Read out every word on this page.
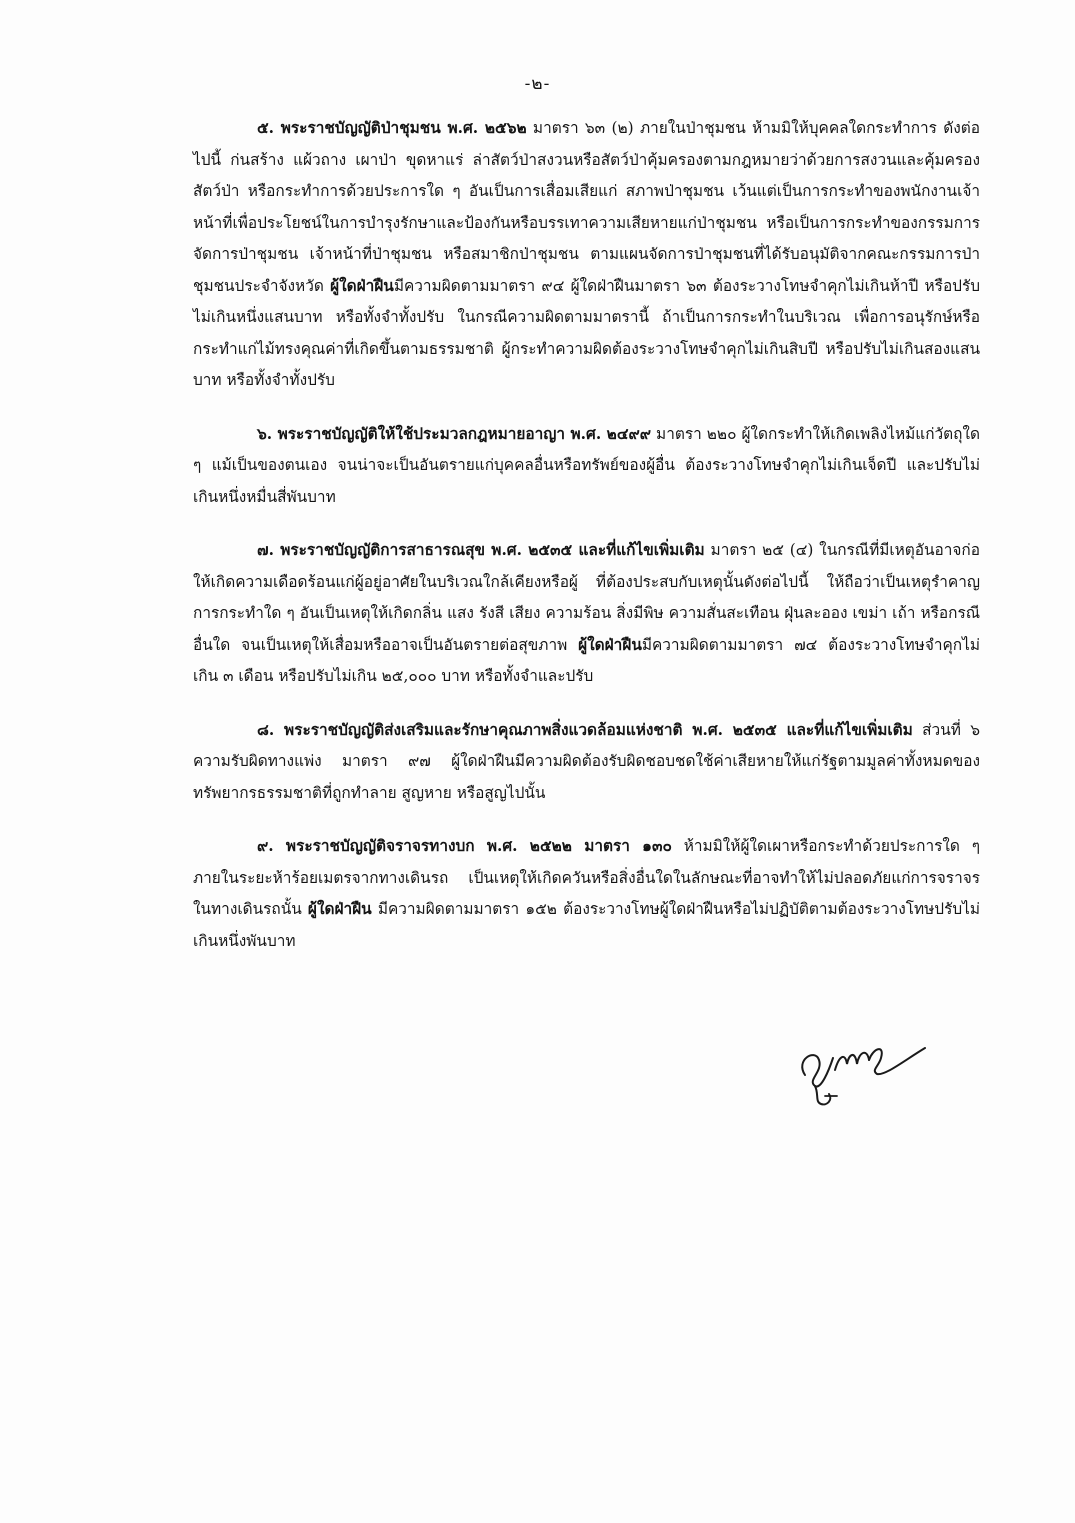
-๒-

๕. พระราชบัญญัติป่าชุมชน พ.ศ. ๒๕๖๒ มาตรา ๖๓ (๒) ภายในป่าชุมชน ห้ามมิให้บุคคลใดกระทำการ ดังต่อไปนี้ ก่นสร้าง แผ้วถาง เผาป่า ขุดหาแร่ ล่าสัตว์ป่าสงวนหรือสัตว์ป่าคุ้มครองตามกฎหมายว่าด้วยการสงวนและคุ้มครองสัตว์ป่า หรือกระทำการด้วยประการใด ๆ อันเป็นการเสื่อมเสียแก่ สภาพป่าชุมชน เว้นแต่เป็นการกระทำของพนักงานเจ้าหน้าที่เพื่อประโยชน์ในการบำรุงรักษาและป้องกันหรือบรรเทาความเสียหายแก่ป่าชุมชน หรือเป็นการกระทำของกรรมการจัดการป่าชุมชน เจ้าหน้าที่ป่าชุมชน หรือสมาชิกป่าชุมชน ตามแผนจัดการป่าชุมชนที่ได้รับอนุมัติจากคณะกรรมการป่าชุมชนประจำจังหวัด ผู้ใดฝ่าฝืนมีความผิดตามมาตรา ๙๔ ผู้ใดฝ่าฝืนมาตรา ๖๓ ต้องระวางโทษจำคุกไม่เกินห้าปี หรือปรับไม่เกินหนึ่งแสนบาท หรือทั้งจำทั้งปรับ ในกรณีความผิดตามมาตรานี้ ถ้าเป็นการกระทำในบริเวณ เพื่อการอนุรักษ์หรือกระทำแก่ไม้ทรงคุณค่าที่เกิดขึ้นตามธรรมชาติ ผู้กระทำความผิดต้องระวางโทษจำคุกไม่เกินสิบปี หรือปรับไม่เกินสองแสนบาท หรือทั้งจำทั้งปรับ

๖. พระราชบัญญัติให้ใช้ประมวลกฎหมายอาญา พ.ศ. ๒๔๙๙ มาตรา ๒๒๐ ผู้ใดกระทำให้เกิดเพลิงไหม้แก่วัตถุใด ๆ แม้เป็นของตนเอง จนน่าจะเป็นอันตรายแก่บุคคลอื่นหรือทรัพย์ของผู้อื่น ต้องระวางโทษจำคุกไม่เกินเจ็ดปี และปรับไม่เกินหนึ่งหมื่นสี่พันบาท

๗. พระราชบัญญัติการสาธารณสุข พ.ศ. ๒๕๓๕ และที่แก้ไขเพิ่มเติม มาตรา ๒๕ (๔) ในกรณีที่มีเหตุอันอาจก่อให้เกิดความเดือดร้อนแก่ผู้อยู่อาศัยในบริเวณใกล้เคียงหรือผู้ ที่ต้องประสบกับเหตุนั้นดังต่อไปนี้ ให้ถือว่าเป็นเหตุรำคาญ การกระทำใด ๆ อันเป็นเหตุให้เกิดกลิ่น แสง รังสี เสียง ความร้อน สิ่งมีพิษ ความสั่นสะเทือน ฝุ่นละออง เขม่า เถ้า หรือกรณีอื่นใด จนเป็นเหตุให้เสื่อมหรืออาจเป็นอันตรายต่อสุขภาพ ผู้ใดฝ่าฝืนมีความผิดตามมาตรา ๗๔ ต้องระวางโทษจำคุกไม่เกิน ๓ เดือน หรือปรับไม่เกิน ๒๕,๐๐๐ บาท หรือทั้งจำและปรับ

๘. พระราชบัญญัติส่งเสริมและรักษาคุณภาพสิ่งแวดล้อมแห่งชาติ พ.ศ. ๒๕๓๕ และที่แก้ไขเพิ่มเติม ส่วนที่ ๖ ความรับผิดทางแพ่ง มาตรา ๙๗ ผู้ใดฝ่าฝืนมีความผิดต้องรับผิดชอบชดใช้ค่าเสียหายให้แก่รัฐตามมูลค่าทั้งหมดของทรัพยากรธรรมชาติที่ถูกทำลาย สูญหาย หรือสูญไปนั้น

๙. พระราชบัญญัติจราจรทางบก พ.ศ. ๒๕๒๒ มาตรา ๑๓๐ ห้ามมิให้ผู้ใดเผาหรือกระทำด้วยประการใด ๆ ภายในระยะห้าร้อยเมตรจากทางเดินรถ เป็นเหตุให้เกิดควันหรือสิ่งอื่นใดในลักษณะที่อาจทำให้ไม่ปลอดภัยแก่การจราจรในทางเดินรถนั้น ผู้ใดฝ่าฝืน มีความผิดตามมาตรา ๑๕๒ ต้องระวางโทษผู้ใดฝ่าฝืนหรือไม่ปฏิบัติตามต้องระวางโทษปรับไม่เกินหนึ่งพันบาท
